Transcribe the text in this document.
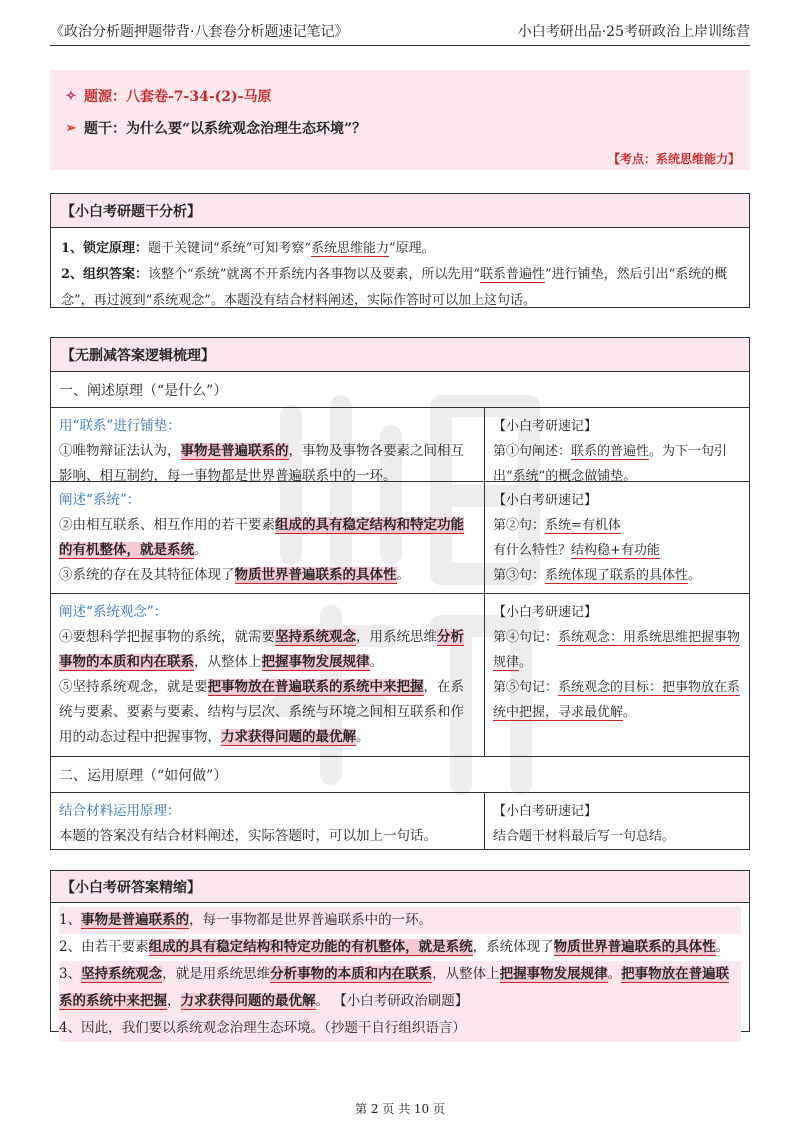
《政治分析题押题带背·八套卷分析题速记笔记》	小白考研出品·25考研政治上岸训练营
✧ 题源：八套卷-7-34-(2)-马原
➢ 题干：为什么要“以系统观念治理生态环境”？
【考点：系统思维能力】
【小白考研题干分析】
1、锁定原理：题干关键词“系统”可知考察“系统思维能力”原理。
2、组织答案：该整个“系统”就离不开系统内各事物以及要素，所以先用“联系普遍性”进行铺垫，然后引出“系统的概念”，再过渡到“系统观念”。本题没有结合材料阐述，实际作答时可以加上这句话。
【无删减答案逻辑梳理】
一、阐述原理（“是什么”）
用“联系”进行铺垫：
①唯物辩证法认为，事物是普遍联系的，事物及事物各要素之间相互影响、相互制约，每一事物都是世界普遍联系中的一环。
【小白考研速记】
第①句阐述：联系的普遍性。为下一句引出“系统”的概念做铺垫。
阐述“系统”：
②由相互联系、相互作用的若干要素组成的具有稳定结构和特定功能的有机整体，就是系统。
③系统的存在及其特征体现了物质世界普遍联系的具体性。
【小白考研速记】
第②句：系统=有机体
有什么特性？结构稳+有功能
第③句：系统体现了联系的具体性。
阐述“系统观念”：
④要想科学把握事物的系统，就需要坚持系统观念，用系统思维分析事物的本质和内在联系，从整体上把握事物发展规律。
⑤坚持系统观念，就是要把事物放在普遍联系的系统中来把握，在系统与要素、要素与要素、结构与层次、系统与环境之间相互联系和作用的动态过程中把握事物，力求获得问题的最优解。
【小白考研速记】
第④句记：系统观念：用系统思维把握事物规律。
第⑤句记：系统观念的目标：把事物放在系统中把握，寻求最优解。
二、运用原理（“如何做”）
结合材料运用原理：
本题的答案没有结合材料阐述，实际答题时，可以加上一句话。
【小白考研速记】
结合题干材料最后写一句总结。
【小白考研答案精缩】
1、事物是普遍联系的，每一事物都是世界普遍联系中的一环。
2、由若干要素组成的具有稳定结构和特定功能的有机整体，就是系统，系统体现了物质世界普遍联系的具体性。
3、坚持系统观念，就是用系统思维分析事物的本质和内在联系，从整体上把握事物发展规律。把事物放在普遍联系的系统中来把握，力求获得问题的最优解。 【小白考研政治刷题】
4、因此，我们要以系统观念治理生态环境。（抄题干自行组织语言）
第 2 页 共 10 页
